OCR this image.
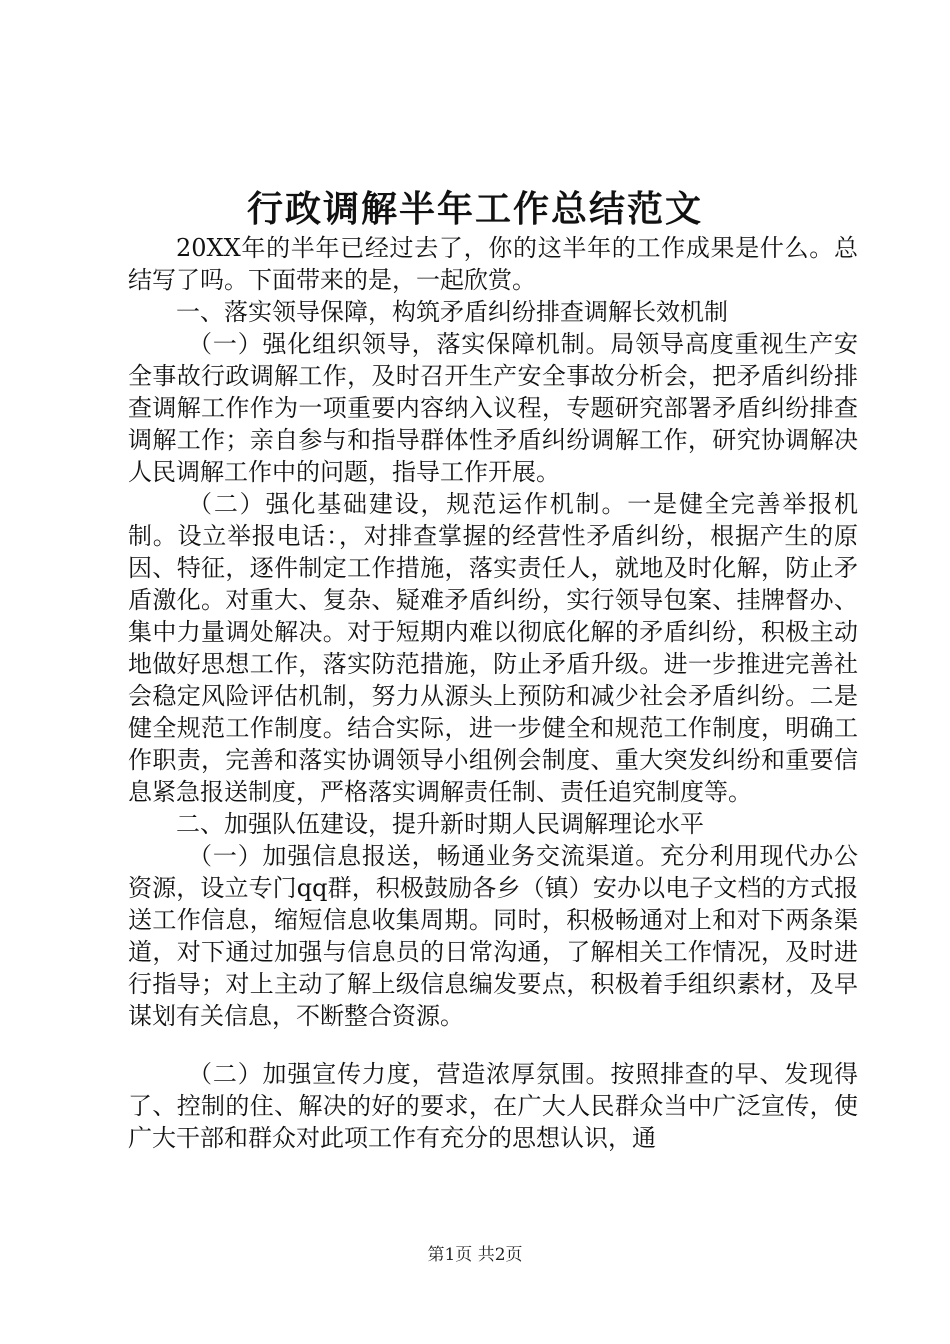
行政调解半年工作总结范文

20XX年的半年已经过去了，你的这半年的工作成果是什么。总结写了吗。下面带来的是，一起欣赏。

一、落实领导保障，构筑矛盾纠纷排查调解长效机制

（一）强化组织领导，落实保障机制。局领导高度重视生产安全事故行政调解工作，及时召开生产安全事故分析会，把矛盾纠纷排查调解工作作为一项重要内容纳入议程，专题研究部署矛盾纠纷排查调解工作；亲自参与和指导群体性矛盾纠纷调解工作，研究协调解决人民调解工作中的问题，指导工作开展。

（二）强化基础建设，规范运作机制。一是健全完善举报机制。设立举报电话：，对排查掌握的经营性矛盾纠纷，根据产生的原因、特征，逐件制定工作措施，落实责任人，就地及时化解，防止矛盾激化。对重大、复杂、疑难矛盾纠纷，实行领导包案、挂牌督办、集中力量调处解决。对于短期内难以彻底化解的矛盾纠纷，积极主动地做好思想工作，落实防范措施，防止矛盾升级。进一步推进完善社会稳定风险评估机制，努力从源头上预防和减少社会矛盾纠纷。二是健全规范工作制度。结合实际，进一步健全和规范工作制度，明确工作职责，完善和落实协调领导小组例会制度、重大突发纠纷和重要信息紧急报送制度，严格落实调解责任制、责任追究制度等。

二、加强队伍建设，提升新时期人民调解理论水平

（一）加强信息报送，畅通业务交流渠道。充分利用现代办公资源，设立专门qq群，积极鼓励各乡（镇）安办以电子文档的方式报送工作信息，缩短信息收集周期。同时，积极畅通对上和对下两条渠道，对下通过加强与信息员的日常沟通，了解相关工作情况，及时进行指导；对上主动了解上级信息编发要点，积极着手组织素材，及早谋划有关信息，不断整合资源。

（二）加强宣传力度，营造浓厚氛围。按照排查的早、发现得了、控制的住、解决的好的要求，在广大人民群众当中广泛宣传，使广大干部和群众对此项工作有充分的思想认识，通

第1页 共2页
